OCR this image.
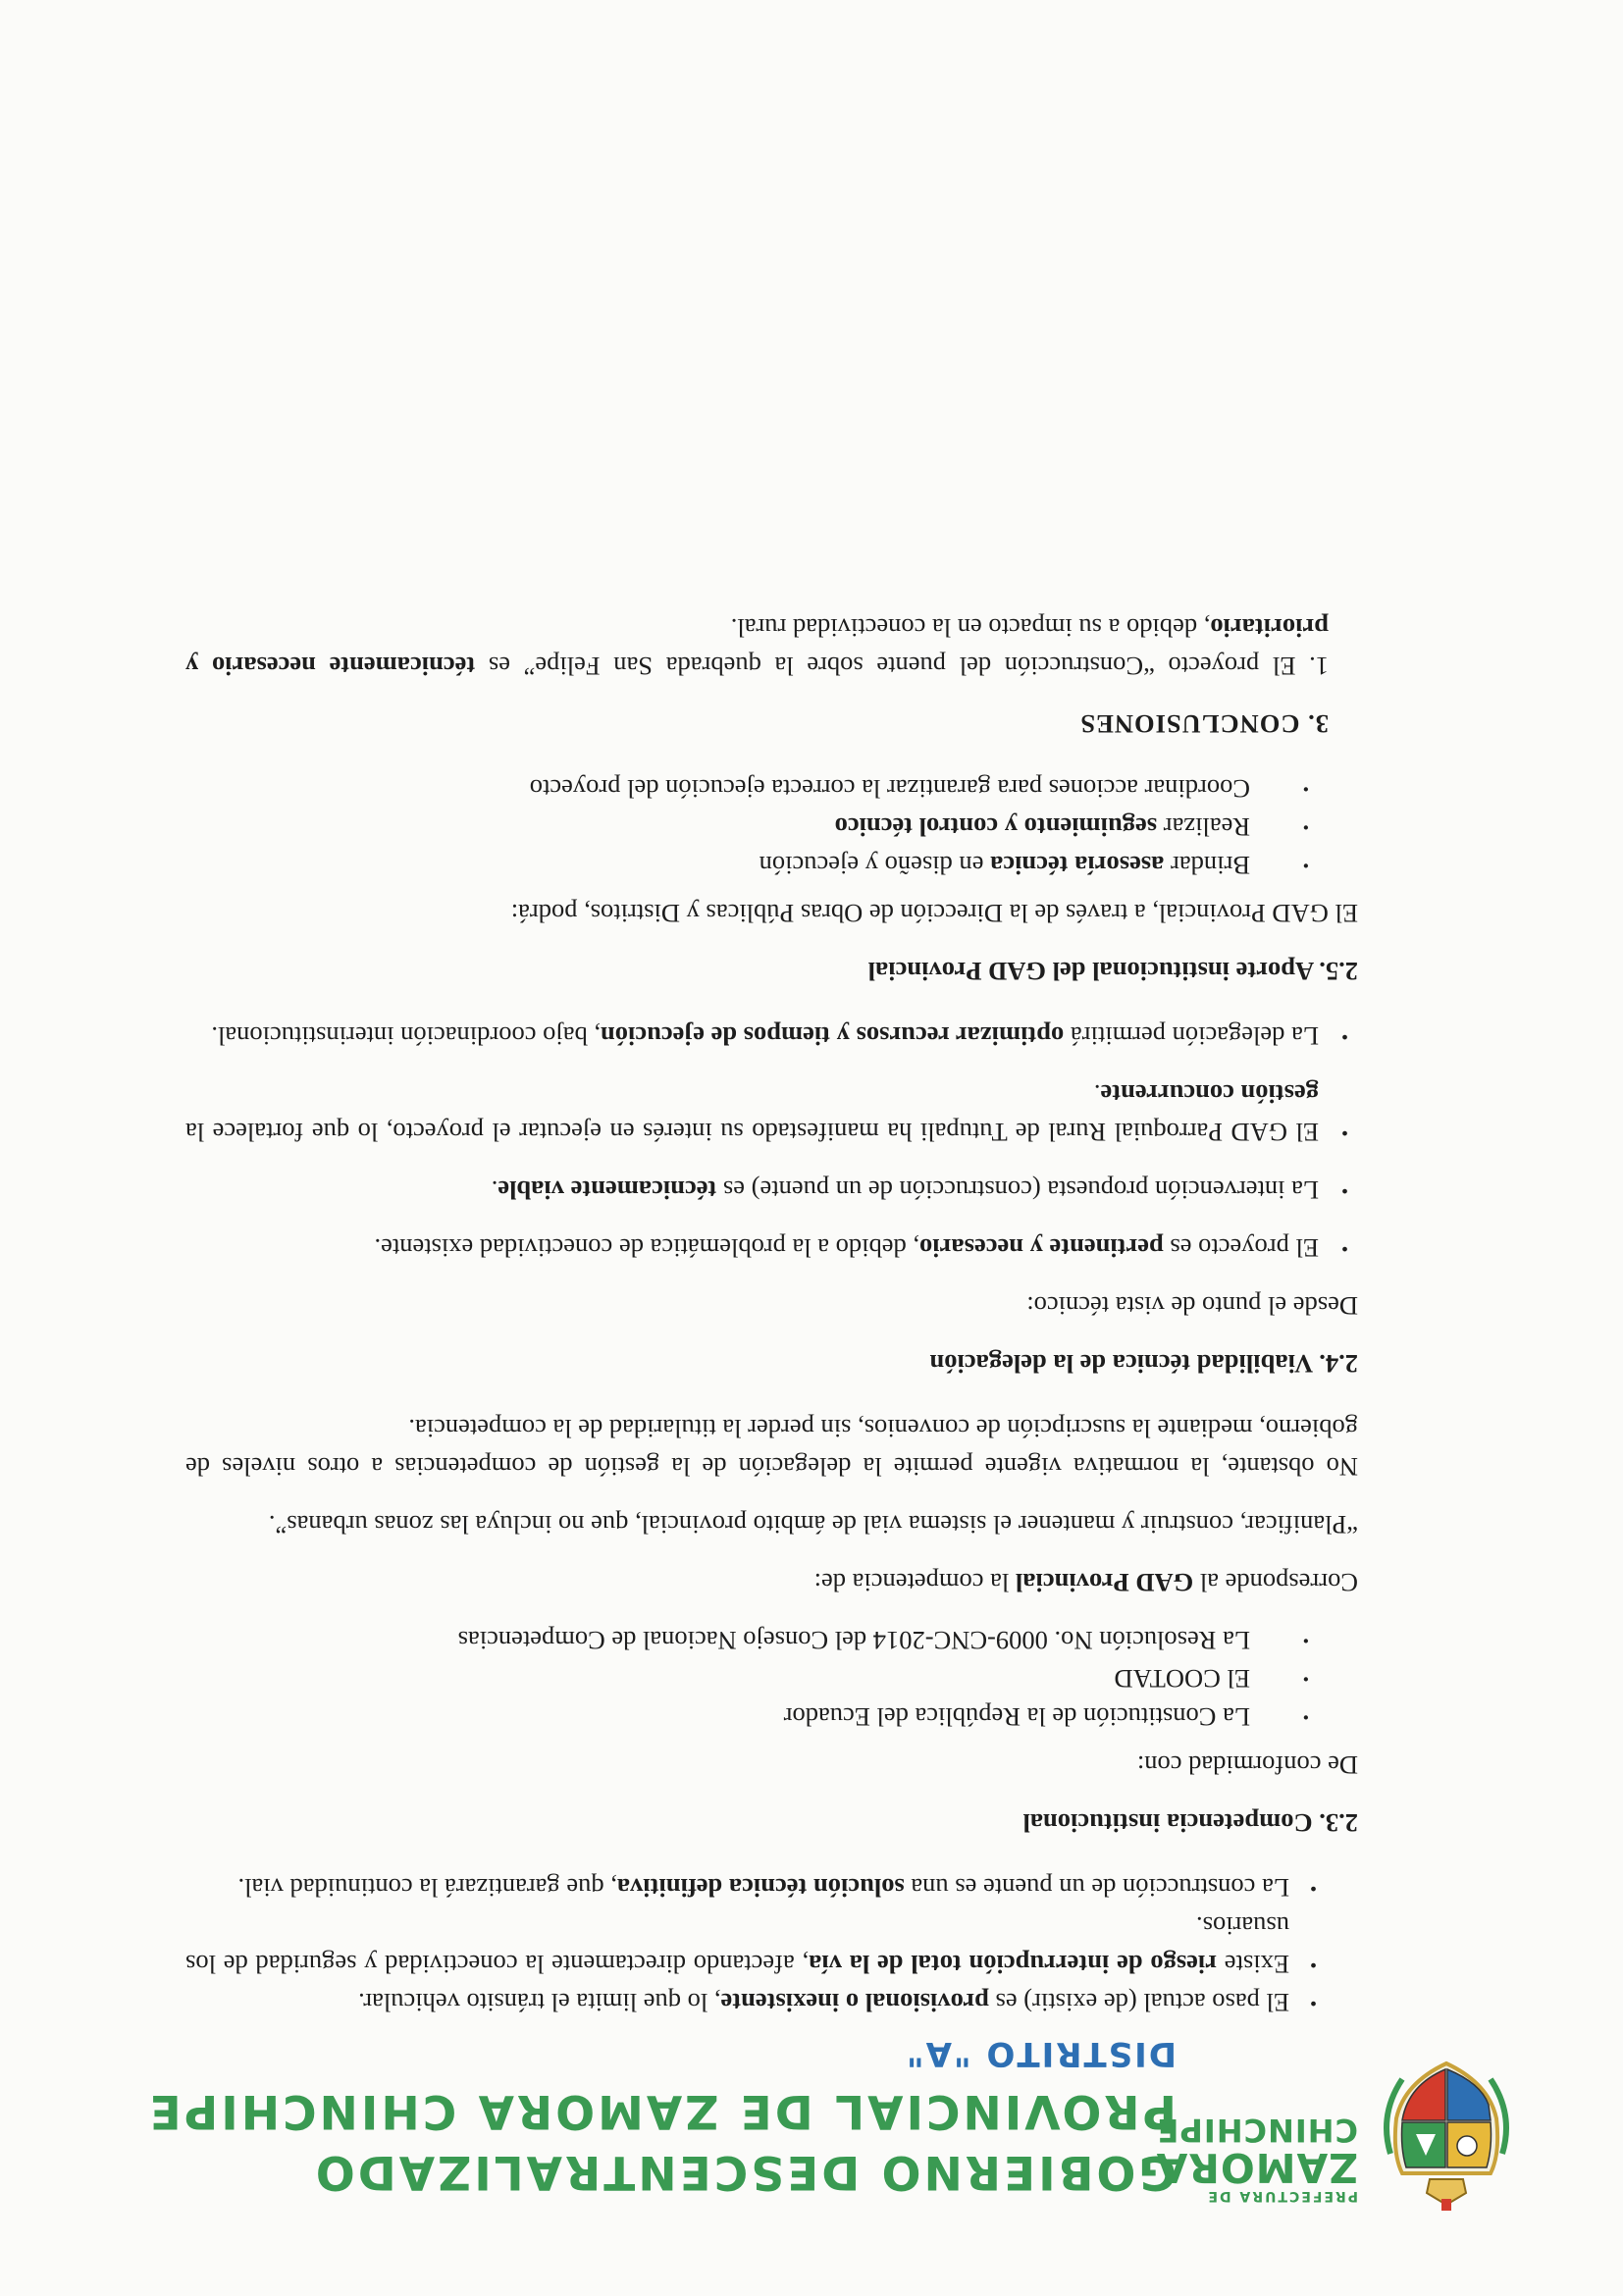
PREFECTURA DE
ZAMORA
CHINCHIPE
GOBIERNO DESCENTRALIZADO
PROVINCIAL DE ZAMORA CHINCHIPE
DISTRITO "A"

• El paso actual (de existir) es provisional o inexistente, lo que limita el tránsito vehicular.

• Existe riesgo de interrupción total de la vía, afectando directamente la conectividad y seguridad de los usuarios.

• La construcción de un puente es una solución técnica definitiva, que garantizará la continuidad vial.

2.3. Competencia institucional

De conformidad con:

• La Constitución de la República del Ecuador

• El COOTAD

• La Resolución No. 0009-CNC-2014 del Consejo Nacional de Competencias

Corresponde al GAD Provincial la competencia de:

“Planificar, construir y mantener el sistema vial de ámbito provincial, que no incluya las zonas urbanas”.

No obstante, la normativa vigente permite la delegación de la gestión de competencias a otros niveles de gobierno, mediante la suscripción de convenios, sin perder la titularidad de la competencia.

2.4. Viabilidad técnica de la delegación

Desde el punto de vista técnico:

• El proyecto es pertinente y necesario, debido a la problemática de conectividad existente.

• La intervención propuesta (construcción de un puente) es técnicamente viable.

• El GAD Parroquial Rural de Tutupali ha manifestado su interés en ejecutar el proyecto, lo que fortalece la gestión concurrente.

• La delegación permitirá optimizar recursos y tiempos de ejecución, bajo coordinación interinstitucional.

2.5. Aporte institucional del GAD Provincial

El GAD Provincial, a través de la Dirección de Obras Públicas y Distritos, podrá:

• Brindar asesoría técnica en diseño y ejecución

• Realizar seguimiento y control técnico

• Coordinar acciones para garantizar la correcta ejecución del proyecto

3. CONCLUSIONES

1. El proyecto “Construcción del puente sobre la quebrada San Felipe” es técnicamente necesario y prioritario, debido a su impacto en la conectividad rural.
